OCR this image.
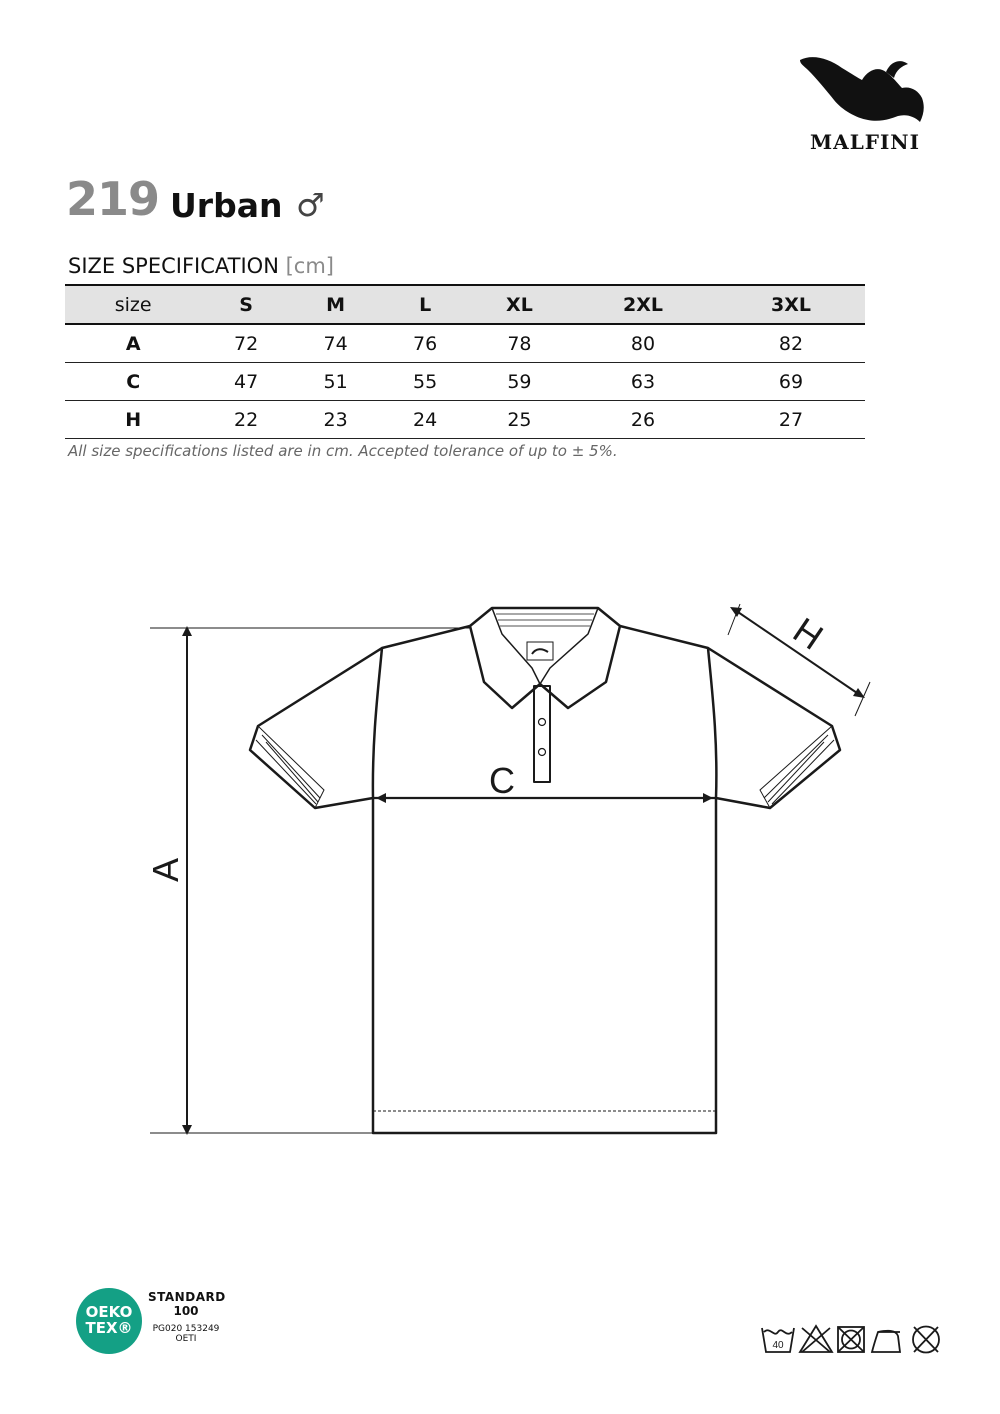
MALFINI
219 Urban ♂
SIZE SPECIFICATION [cm]
size	S	M	L	XL	2XL	3XL
A	72	74	76	78	80	82
C	47	51	55	59	63	69
H	22	23	24	25	26	27
All size specifications listed are in cm. Accepted tolerance of up to ± 5%.
A
C
H
OEKO
TEX®
STANDARD
100
PG020 153249
OETI
40
